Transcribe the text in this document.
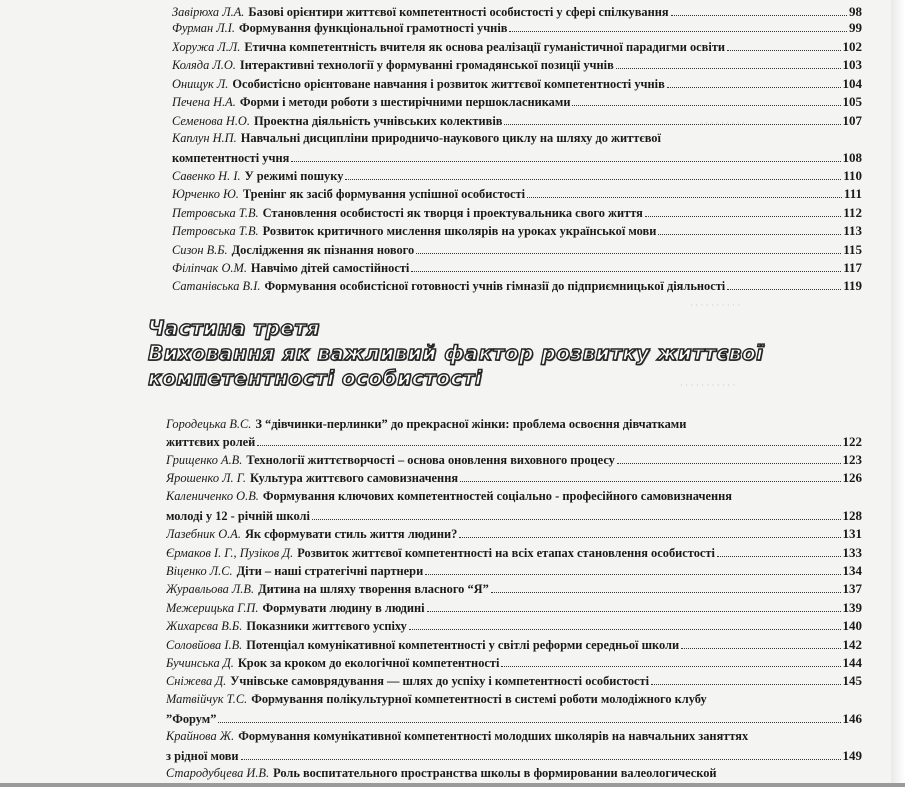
· · · · · · · · ·
· · · · · · · · · ·
· · · · · · · · · · ·
Завірюха Л.А. Базові орієнтири життєвої компетентності особистості у сфері спілкування	98
Фурман Л.І. Формування функціональної грамотності учнів	99
Хоружа Л.Л. Етична компетентність вчителя як основа реалізації гуманістичної парадигми освіти	102
Коляда Л.О. Інтерактивні технології у формуванні громадянської позиції учнів	103
Онищук Л. Особистісно орієнтоване навчання і розвиток життєвої компетентності учнів	104
Печена Н.А. Форми і методи роботи з шестирічними першокласниками	105
Семенова Н.О. Проектна діяльність учнівських колективів	107
Каплун Н.П. Навчальні дисципліни природничо-наукового циклу на шляху до життєвої
компетентності учня	108
Савенко Н. І. У режимі пошуку	110
Юрченко Ю. Тренінг як засіб формування успішної особистості	111
Петровська Т.В. Становлення особистості як творця і проектувальника свого життя	112
Петровська Т.В. Розвиток критичного мислення школярів на уроках української мови	113
Сизон В.Б. Дослідження як пізнання нового	115
Філіпчак О.М. Навчімо дітей самостійності	117
Сатанівська В.І. Формування особистісної готовності учнів гімназії до підприємницької діяльності	119
Частина третя
Виховання як важливий фактор розвитку життєвої
компетентності особистості
Городецька В.С. З “дівчинки-перлинки” до прекрасної жінки: проблема освоєння дівчатками
життєвих ролей	122
Грищенко А.В. Технології життєтворчості – основа оновлення виховного процесу	123
Ярошенко Л. Г. Культура життєвого самовизначення	126
Калениченко О.В. Формування ключових компетентностей соціально - професійного самовизначення
молоді у 12 - річній школі	128
Лазебник О.А. Як сформувати стиль життя людини?	131
Єрмаков І. Г., Пузіков Д. Розвиток життєвої компетентності на всіх етапах становлення особистості	133
Віценко Л.С. Діти – наші стратегічні партнери	134
Журавльова Л.В. Дитина на шляху творення власного “Я”	137
Межерицька Г.П. Формувати людину в людині	139
Жихарєва В.Б. Показники життєвого успіху	140
Соловйова І.В. Потенціал комунікативної компетентності у світлі реформи середньої школи	142
Бучинська Д. Крок за кроком до екологічної компетентності	144
Сніжева Д. Учнівське самоврядування — шлях до успіху і компетентності особистості	145
Матвійчук Т.С. Формування полікультурної компетентності в системі роботи молодіжного клубу
”Форум”	146
Крайнова Ж. Формування комунікативної компетентності молодших школярів на навчальних заняттях
з рідної мови	149
Стародубцева И.В. Роль воспитательного пространства школы в формировании валеологической
